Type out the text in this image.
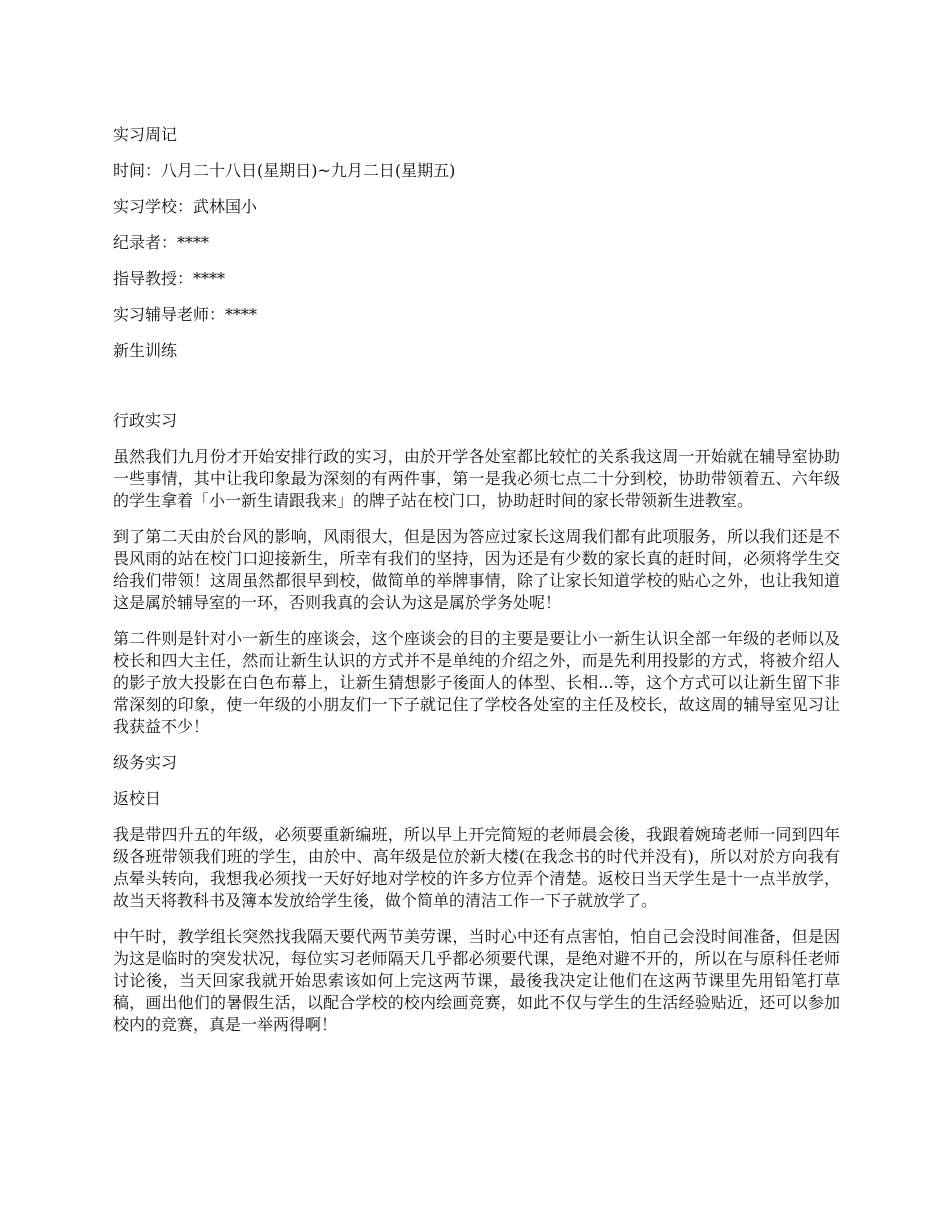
实习周记
时间：八月二十八日(星期日)~九月二日(星期五)
实习学校：武林国小
纪录者：****
指导教授：****
实习辅导老师：****
新生训练
行政实习

虽然我们九月份才开始安排行政的实习，由於开学各处室都比较忙的关系我这周一开始就在辅导室协助一些事情，其中让我印象最为深刻的有两件事，第一是我必须七点二十分到校，协助带领着五、六年级的学生拿着「小一新生请跟我来」的牌子站在校门口，协助赶时间的家长带领新生进教室。

到了第二天由於台风的影响，风雨很大，但是因为答应过家长这周我们都有此项服务，所以我们还是不畏风雨的站在校门口迎接新生，所幸有我们的坚持，因为还是有少数的家长真的赶时间，必须将学生交给我们带领！这周虽然都很早到校，做简单的举牌事情，除了让家长知道学校的贴心之外，也让我知道这是属於辅导室的一环，否则我真的会认为这是属於学务处呢！

第二件则是针对小一新生的座谈会，这个座谈会的目的主要是要让小一新生认识全部一年级的老师以及校长和四大主任，然而让新生认识的方式并不是单纯的介绍之外，而是先利用投影的方式，将被介绍人的影子放大投影在白色布幕上，让新生猜想影子後面人的体型、长相...等，这个方式可以让新生留下非常深刻的印象，使一年级的小朋友们一下子就记住了学校各处室的主任及校长，故这周的辅导室见习让我获益不少！

级务实习
返校日

我是带四升五的年级，必须要重新编班，所以早上开完简短的老师晨会後，我跟着婉琦老师一同到四年级各班带领我们班的学生，由於中、高年级是位於新大楼(在我念书的时代并没有)，所以对於方向我有点晕头转向，我想我必须找一天好好地对学校的许多方位弄个清楚。返校日当天学生是十一点半放学，故当天将教科书及簿本发放给学生後，做个简单的清洁工作一下子就放学了。

中午时，教学组长突然找我隔天要代两节美劳课，当时心中还有点害怕，怕自己会没时间准备，但是因为这是临时的突发状况，每位实习老师隔天几乎都必须要代课，是绝对避不开的，所以在与原科任老师讨论後，当天回家我就开始思索该如何上完这两节课，最後我决定让他们在这两节课里先用铅笔打草稿，画出他们的暑假生活，以配合学校的校内绘画竞赛，如此不仅与学生的生活经验贴近，还可以参加校内的竞赛，真是一举两得啊！
